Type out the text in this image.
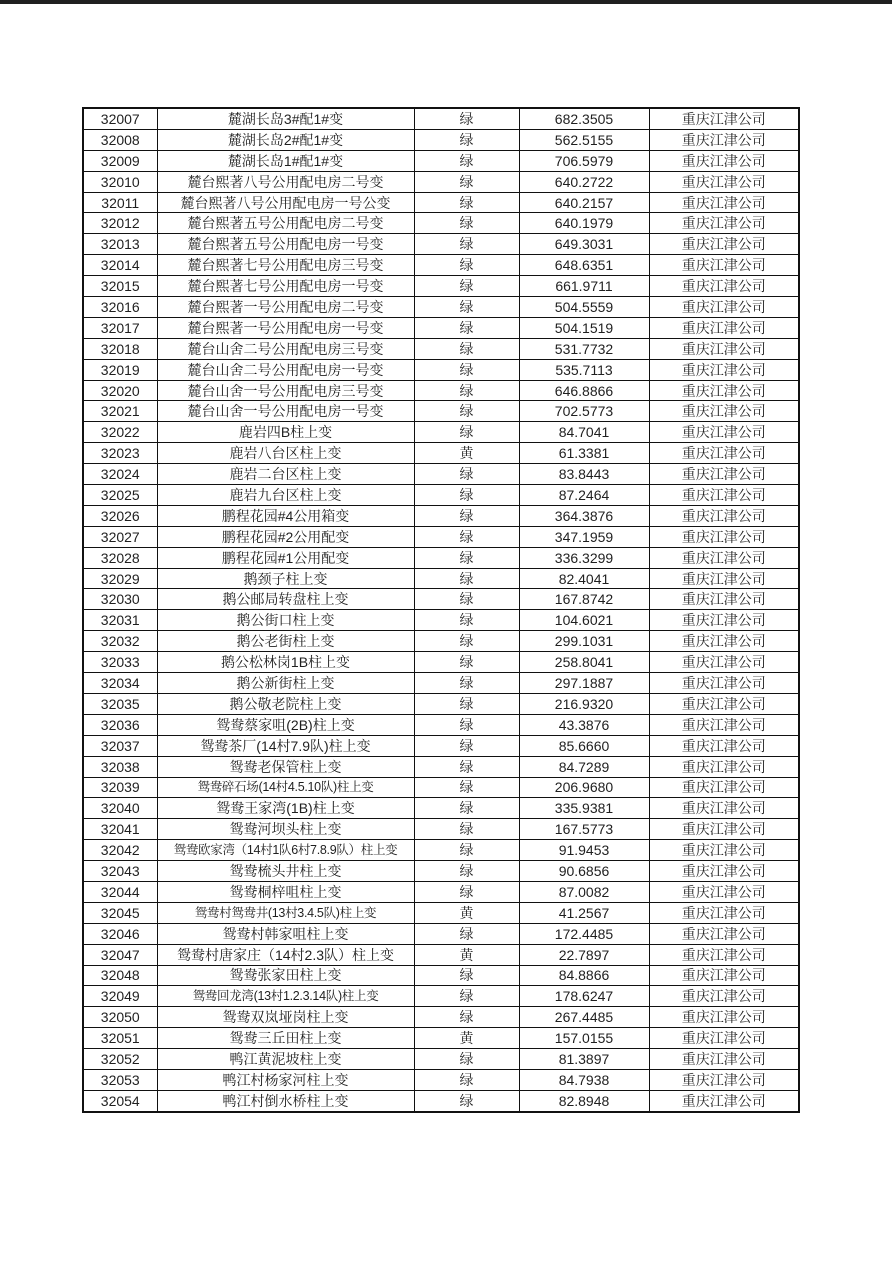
32007	麓湖长岛3#配1#变	绿	682.3505	重庆江津公司
32008	麓湖长岛2#配1#变	绿	562.5155	重庆江津公司
32009	麓湖长岛1#配1#变	绿	706.5979	重庆江津公司
32010	麓台熙著八号公用配电房二号变	绿	640.2722	重庆江津公司
32011	麓台熙著八号公用配电房一号公变	绿	640.2157	重庆江津公司
32012	麓台熙著五号公用配电房二号变	绿	640.1979	重庆江津公司
32013	麓台熙著五号公用配电房一号变	绿	649.3031	重庆江津公司
32014	麓台熙著七号公用配电房三号变	绿	648.6351	重庆江津公司
32015	麓台熙著七号公用配电房一号变	绿	661.9711	重庆江津公司
32016	麓台熙著一号公用配电房二号变	绿	504.5559	重庆江津公司
32017	麓台熙著一号公用配电房一号变	绿	504.1519	重庆江津公司
32018	麓台山舍二号公用配电房三号变	绿	531.7732	重庆江津公司
32019	麓台山舍二号公用配电房一号变	绿	535.7113	重庆江津公司
32020	麓台山舍一号公用配电房三号变	绿	646.8866	重庆江津公司
32021	麓台山舍一号公用配电房一号变	绿	702.5773	重庆江津公司
32022	鹿岩四B柱上变	绿	84.7041	重庆江津公司
32023	鹿岩八台区柱上变	黄	61.3381	重庆江津公司
32024	鹿岩二台区柱上变	绿	83.8443	重庆江津公司
32025	鹿岩九台区柱上变	绿	87.2464	重庆江津公司
32026	鹏程花园#4公用箱变	绿	364.3876	重庆江津公司
32027	鹏程花园#2公用配变	绿	347.1959	重庆江津公司
32028	鹏程花园#1公用配变	绿	336.3299	重庆江津公司
32029	鹅颈子柱上变	绿	82.4041	重庆江津公司
32030	鹅公邮局转盘柱上变	绿	167.8742	重庆江津公司
32031	鹅公街口柱上变	绿	104.6021	重庆江津公司
32032	鹅公老街柱上变	绿	299.1031	重庆江津公司
32033	鹅公松林岗1B柱上变	绿	258.8041	重庆江津公司
32034	鹅公新街柱上变	绿	297.1887	重庆江津公司
32035	鹅公敬老院柱上变	绿	216.9320	重庆江津公司
32036	鸳鸯蔡家咀(2B)柱上变	绿	43.3876	重庆江津公司
32037	鸳鸯茶厂(14村7.9队)柱上变	绿	85.6660	重庆江津公司
32038	鸳鸯老保管柱上变	绿	84.7289	重庆江津公司
32039	鸳鸯碎石场(14村4.5.10队)柱上变	绿	206.9680	重庆江津公司
32040	鸳鸯王家湾(1B)柱上变	绿	335.9381	重庆江津公司
32041	鸳鸯河坝头柱上变	绿	167.5773	重庆江津公司
32042	鸳鸯欧家湾（14村1队6村7.8.9队）柱上变	绿	91.9453	重庆江津公司
32043	鸳鸯梳头井柱上变	绿	90.6856	重庆江津公司
32044	鸳鸯桐梓咀柱上变	绿	87.0082	重庆江津公司
32045	鸳鸯村鸳鸯井(13村3.4.5队)柱上变	黄	41.2567	重庆江津公司
32046	鸳鸯村韩家咀柱上变	绿	172.4485	重庆江津公司
32047	鸳鸯村唐家庄（14村2.3队）柱上变	黄	22.7897	重庆江津公司
32048	鸳鸯张家田柱上变	绿	84.8866	重庆江津公司
32049	鸳鸯回龙湾(13村1.2.3.14队)柱上变	绿	178.6247	重庆江津公司
32050	鸳鸯双岚垭岗柱上变	绿	267.4485	重庆江津公司
32051	鸳鸯三丘田柱上变	黄	157.0155	重庆江津公司
32052	鸭江黄泥坡柱上变	绿	81.3897	重庆江津公司
32053	鸭江村杨家河柱上变	绿	84.7938	重庆江津公司
32054	鸭江村倒水桥柱上变	绿	82.8948	重庆江津公司
